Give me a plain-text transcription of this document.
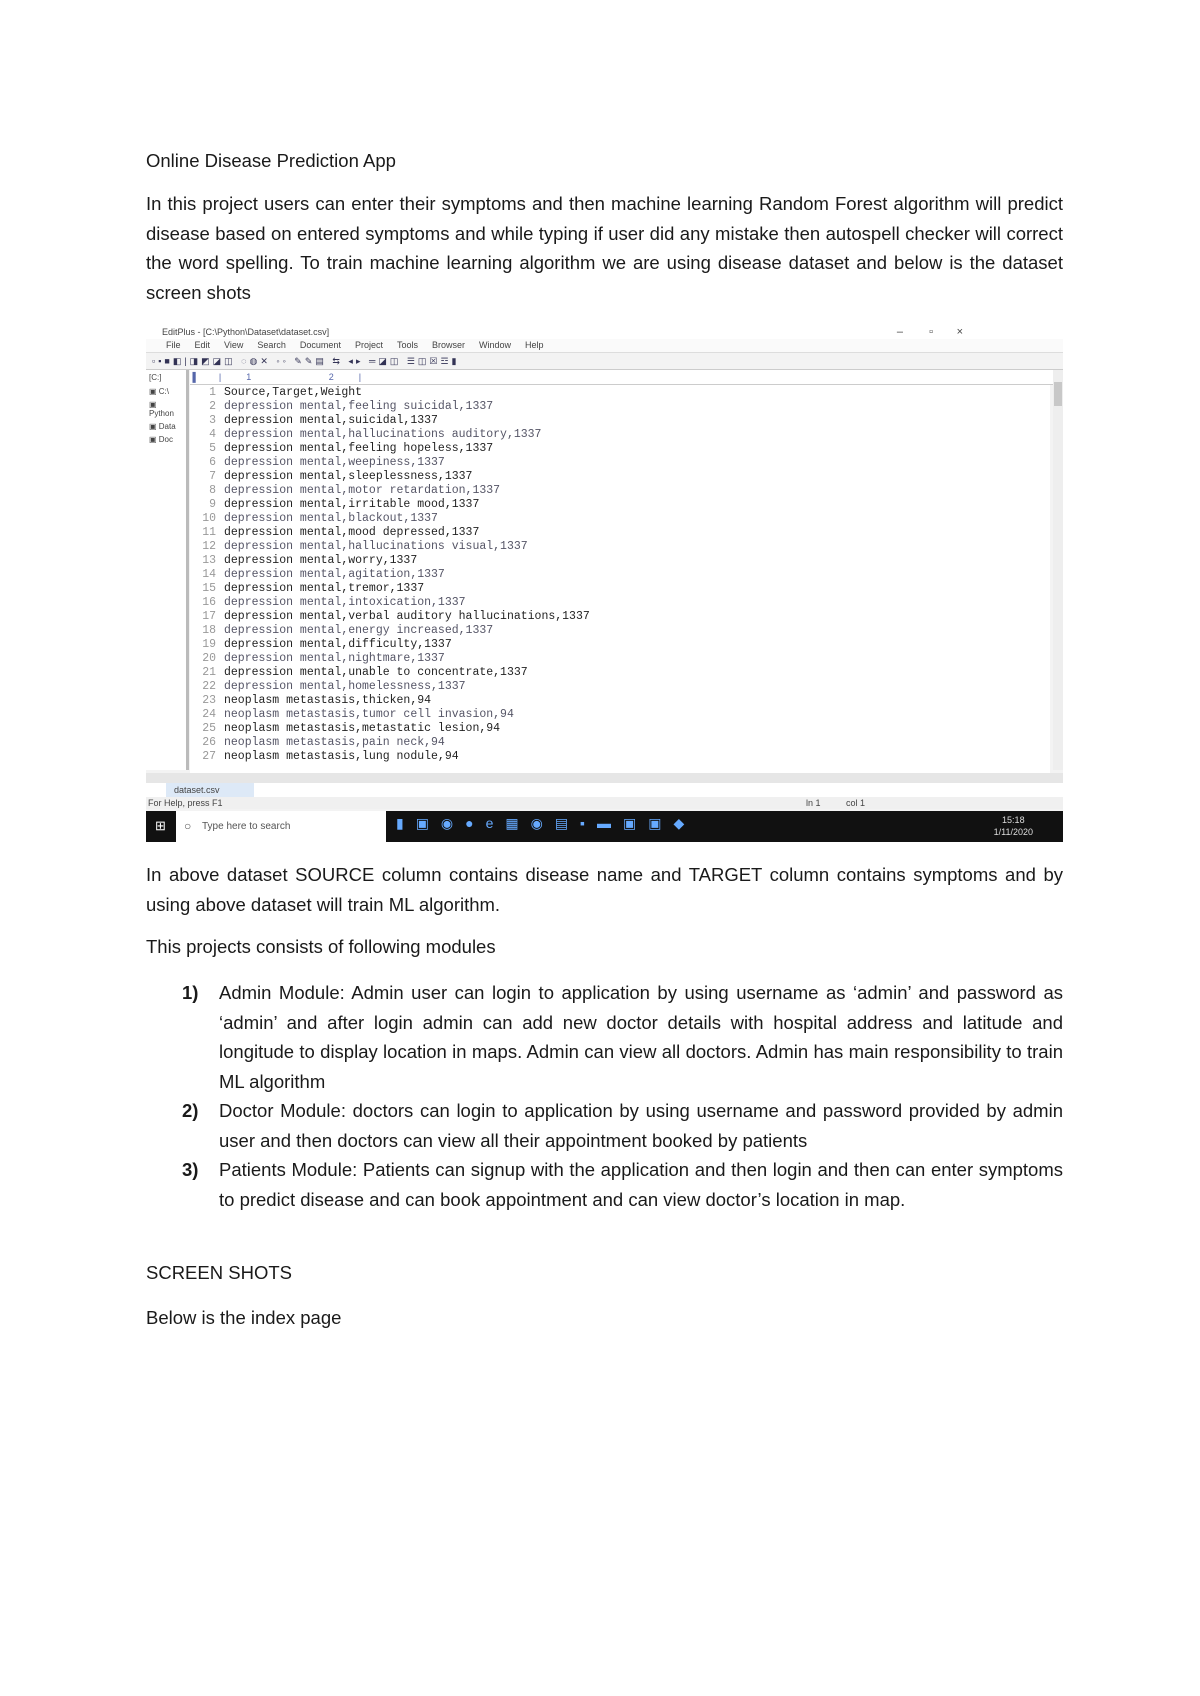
Online Disease Prediction App

In this project users can enter their symptoms and then machine learning Random Forest algorithm will predict disease based on entered symptoms and while typing if user did any mistake then autospell checker will correct the word spelling. To train machine learning algorithm we are using disease dataset and below is the dataset screen shots

EditPlus - [C:\Python\Dataset\dataset.csv]	– ▫ ×
File Edit View Search Document Project Tools Browser Window Help
▫▪■◧|◨◩◪◫ ◌◍✕ ◦◦ ✎✎▤ ⇆ ◂▸ ═◪◫ ☰◫☒☲▮
[C:]
▣ C:\
▣ Python
▣ Data
▣ Doc
▌        |          1                               2          |
1 Source,Target,Weight
2 depression mental,feeling suicidal,1337
3 depression mental,suicidal,1337
4 depression mental,hallucinations auditory,1337
5 depression mental,feeling hopeless,1337
6 depression mental,weepiness,1337
7 depression mental,sleeplessness,1337
8 depression mental,motor retardation,1337
9 depression mental,irritable mood,1337
10 depression mental,blackout,1337
11 depression mental,mood depressed,1337
12 depression mental,hallucinations visual,1337
13 depression mental,worry,1337
14 depression mental,agitation,1337
15 depression mental,tremor,1337
16 depression mental,intoxication,1337
17 depression mental,verbal auditory hallucinations,1337
18 depression mental,energy increased,1337
19 depression mental,difficulty,1337
20 depression mental,nightmare,1337
21 depression mental,unable to concentrate,1337
22 depression mental,homelessness,1337
23 neoplasm metastasis,thicken,94
24 neoplasm metastasis,tumor cell invasion,94
25 neoplasm metastasis,metastatic lesion,94
26 neoplasm metastasis,pain neck,94
27 neoplasm metastasis,lung nodule,94
dataset.csv
For Help, press F1	ln 1	col 1
⊞ ○ Type here to search	▮▣◉●e▦◉▤▪▬▣▣◆	15:18
1/11/2020

In above dataset SOURCE column contains disease name and TARGET column contains symptoms and by using above dataset will train ML algorithm.

This projects consists of following modules

1) Admin Module: Admin user can login to application by using username as ‘admin’ and password as ‘admin’ and after login admin can add new doctor details with hospital address and latitude and longitude to display location in maps. Admin can view all doctors. Admin has main responsibility to train ML algorithm
2) Doctor Module: doctors can login to application by using username and password provided by admin user and then doctors can view all their appointment booked by patients
3) Patients Module: Patients can signup with the application and then login and then can enter symptoms to predict disease and can book appointment and can view doctor’s location in map.

SCREEN SHOTS

Below is the index page
